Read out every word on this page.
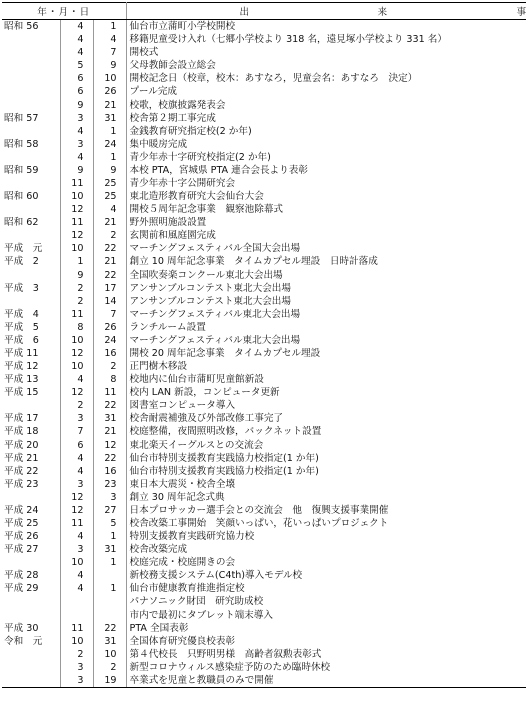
年・月・日			出 来 事

昭和 56	4	1	仙台市立蒲町小学校開校
	4	4	移籍児童受け入れ（七郷小学校より 318 名，遠見塚小学校より 331 名）
	4	7	開校式
	5	9	父母教師会設立総会
	6	10	開校記念日（校章，校木：あすなろ，児童会名：あすなろ　決定）
	6	26	プール完成
	9	21	校歌，校旗披露発表会
昭和 57	3	31	校舎第２期工事完成
	4	1	金銭教育研究指定校(2 か年)
昭和 58	3	24	集中暖房完成
	4	1	青少年赤十字研究校指定(2 か年)
昭和 59	9	9	本校 PTA，宮城県 PTA 連合会長より表彰
	11	25	青少年赤十字公開研究会
昭和 60	10	25	東北造形教育研究大会仙台大会
	12	4	開校５周年記念事業　観察池除幕式
昭和 62	11	21	野外照明施設設置
	12	2	玄関前和風庭園完成
平成　元	10	22	マーチングフェスティバル全国大会出場
平成　2	1	21	創立 10 周年記念事業　タイムカプセル埋設　日時計落成
	9	22	全国吹奏楽コンクール東北大会出場
平成　3	2	17	アンサンブルコンテスト東北大会出場
	2	14	アンサンブルコンテスト東北大会出場
平成　4	11	7	マーチングフェスティバル東北大会出場
平成　5	8	26	ランチルーム設置
平成　6	10	24	マーチングフェスティバル東北大会出場
平成 11	12	16	開校 20 周年記念事業　タイムカプセル埋設
平成 12	10	2	正門樹木移設
平成 13	4	8	校地内に仙台市蒲町児童館新設
平成 15	12	11	校内 LAN 新設，コンピュータ更新
	2	22	図書室コンピュータ導入
平成 17	3	31	校舎耐震補強及び外部改修工事完了
平成 18	7	21	校庭整備，夜間照明改修，バックネット設置
平成 20	6	12	東北楽天イーグルスとの交流会
平成 21	4	22	仙台市特別支援教育実践協力校指定(1 か年)
平成 22	4	16	仙台市特別支援教育実践協力校指定(1 か年)
平成 23	3	23	東日本大震災・校舎全壊
	12	3	創立 30 周年記念式典
平成 24	12	27	日本プロサッカー選手会との交流会　他　復興支援事業開催
平成 25	11	5	校舎改築工事開始　笑顔いっぱい，花いっぱいプロジェクト
平成 26	4	1	特別支援教育実践研究協力校
平成 27	3	31	校舎改築完成
	10	1	校庭完成・校庭開きの会
平成 28	4		新校務支援システム(C4th)導入モデル校
平成 29	4	1	仙台市健康教育推進指定校
			パナソニック財団　研究助成校
			市内で最初にタブレット端末導入
平成 30	11	22	PTA 全国表彰
令和　元	10	31	全国体育研究優良校表彰
	2	10	第４代校長　只野明男様　高齢者叙勲表彰式
	3	2	新型コロナウィルス感染症予防のため臨時休校
	3	19	卒業式を児童と教職員のみで開催
